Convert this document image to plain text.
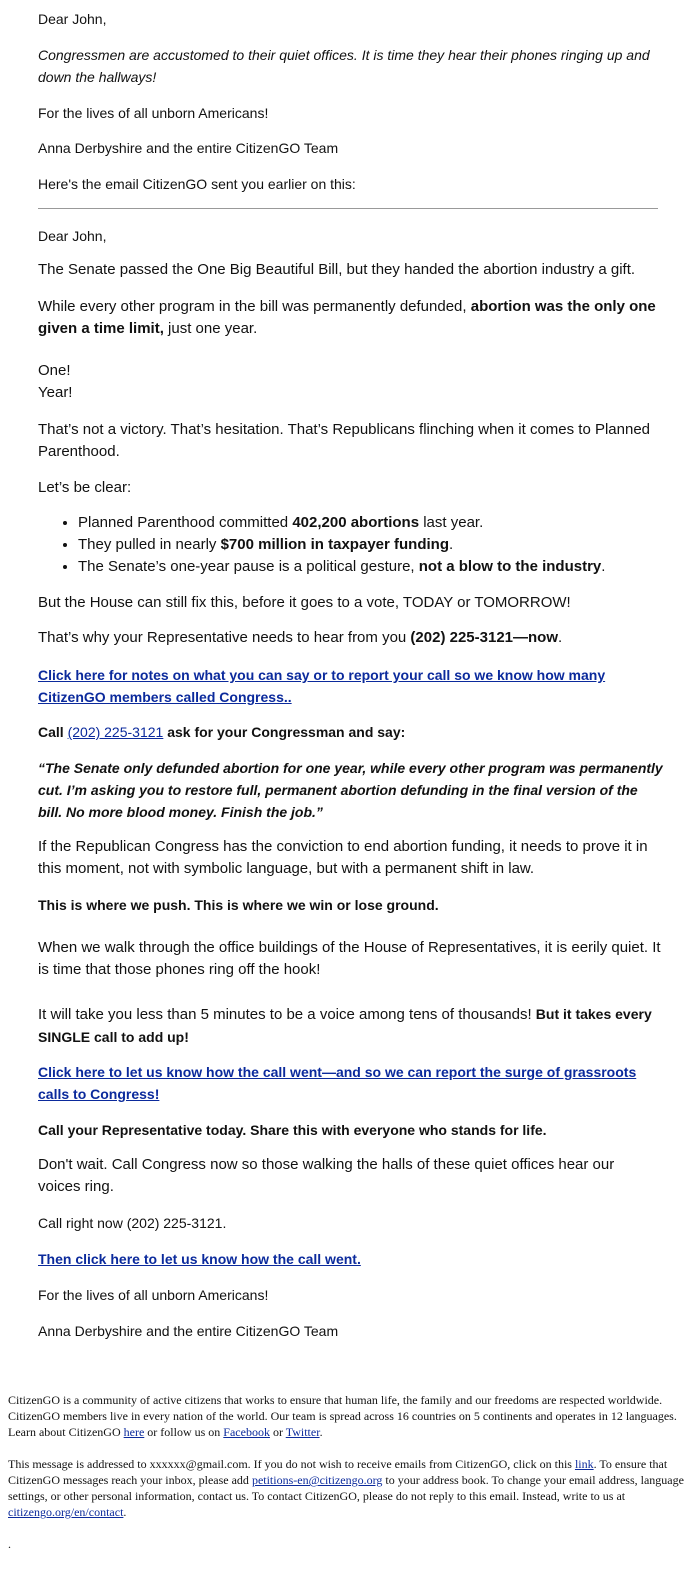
Dear John,

Congressmen are accustomed to their quiet offices. It is time they hear their phones ringing up and down the hallways!

For the lives of all unborn Americans!

Anna Derbyshire and the entire CitizenGO Team

Here's the email CitizenGO sent you earlier on this:

Dear John,

The Senate passed the One Big Beautiful Bill, but they handed the abortion industry a gift.

While every other program in the bill was permanently defunded, abortion was the only one given a time limit, just one year.

One!

Year!

That’s not a victory. That’s hesitation. That’s Republicans flinching when it comes to Planned Parenthood.

Let’s be clear:

• Planned Parenthood committed 402,200 abortions last year.
• They pulled in nearly $700 million in taxpayer funding.
• The Senate’s one-year pause is a political gesture, not a blow to the industry.

But the House can still fix this, before it goes to a vote, TODAY or TOMORROW!

That’s why your Representative needs to hear from you (202) 225-3121—now.

Click here for notes on what you can say or to report your call so we know how many CitizenGO members called Congress..

Call (202) 225-3121 ask for your Congressman and say:

“The Senate only defunded abortion for one year, while every other program was permanently cut. I’m asking you to restore full, permanent abortion defunding in the final version of the bill. No more blood money. Finish the job.”

If the Republican Congress has the conviction to end abortion funding, it needs to prove it in this moment, not with symbolic language, but with a permanent shift in law.

This is where we push. This is where we win or lose ground.

When we walk through the office buildings of the House of Representatives, it is eerily quiet. It is time that those phones ring off the hook!

It will take you less than 5 minutes to be a voice among tens of thousands! But it takes every SINGLE call to add up!

Click here to let us know how the call went—and so we can report the surge of grassroots calls to Congress!

Call your Representative today. Share this with everyone who stands for life.

Don't wait. Call Congress now so those walking the halls of these quiet offices hear our voices ring.

Call right now (202) 225-3121.

Then click here to let us know how the call went.

For the lives of all unborn Americans!

Anna Derbyshire and the entire CitizenGO Team

CitizenGO is a community of active citizens that works to ensure that human life, the family and our freedoms are respected worldwide. CitizenGO members live in every nation of the world. Our team is spread across 16 countries on 5 continents and operates in 12 languages. Learn about CitizenGO here or follow us on Facebook or Twitter.

This message is addressed to xxxxxx@gmail.com. If you do not wish to receive emails from CitizenGO, click on this link. To ensure that CitizenGO messages reach your inbox, please add petitions-en@citizengo.org to your address book. To change your email address, language settings, or other personal information, contact us. To contact CitizenGO, please do not reply to this email. Instead, write to us at citizengo.org/en/contact.

.
